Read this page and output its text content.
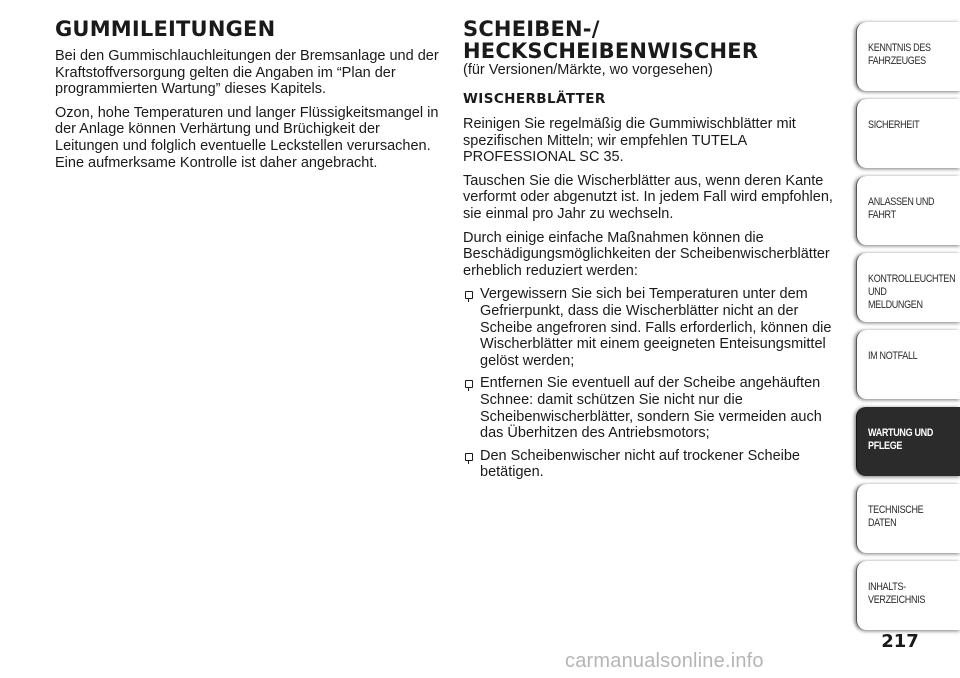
GUMMILEITUNGEN

Bei den Gummischlauchleitungen der Bremsanlage und der Kraftstoffversorgung gelten die Angaben im “Plan der programmierten Wartung” dieses Kapitels.

Ozon, hohe Temperaturen und langer Flüssigkeitsmangel in der Anlage können Verhärtung und Brüchigkeit der Leitungen und folglich eventuelle Leckstellen verursachen. Eine aufmerksame Kontrolle ist daher angebracht.

SCHEIBEN-/
HECKSCHEIBENWISCHER
(für Versionen/Märkte, wo vorgesehen)
WISCHERBLÄTTER

Reinigen Sie regelmäßig die Gummiwischblätter mit spezifischen Mitteln; wir empfehlen TUTELA PROFESSIONAL SC 35.

Tauschen Sie die Wischerblätter aus, wenn deren Kante verformt oder abgenutzt ist. In jedem Fall wird empfohlen, sie einmal pro Jahr zu wechseln.

Durch einige einfache Maßnahmen können die Beschädigungsmöglichkeiten der Scheibenwischerblätter erheblich reduziert werden:

Vergewissern Sie sich bei Temperaturen unter dem Gefrierpunkt, dass die Wischerblätter nicht an der Scheibe angefroren sind. Falls erforderlich, können die Wischerblätter mit einem geeigneten Enteisungsmittel gelöst werden;
Entfernen Sie eventuell auf der Scheibe angehäuften Schnee: damit schützen Sie nicht nur die Scheibenwischerblätter, sondern Sie vermeiden auch das Überhitzen des Antriebsmotors;
Den Scheibenwischer nicht auf trockener Scheibe betätigen.
KENNTNIS DES
FAHRZEUGES
SICHERHEIT
ANLASSEN UND
FAHRT
KONTROLLEUCHTEN
UND MELDUNGEN
IM NOTFALL
WARTUNG UND
PFLEGE
TECHNISCHE DATEN
INHALTS-
VERZEICHNIS
217
carmanualsonline.info
